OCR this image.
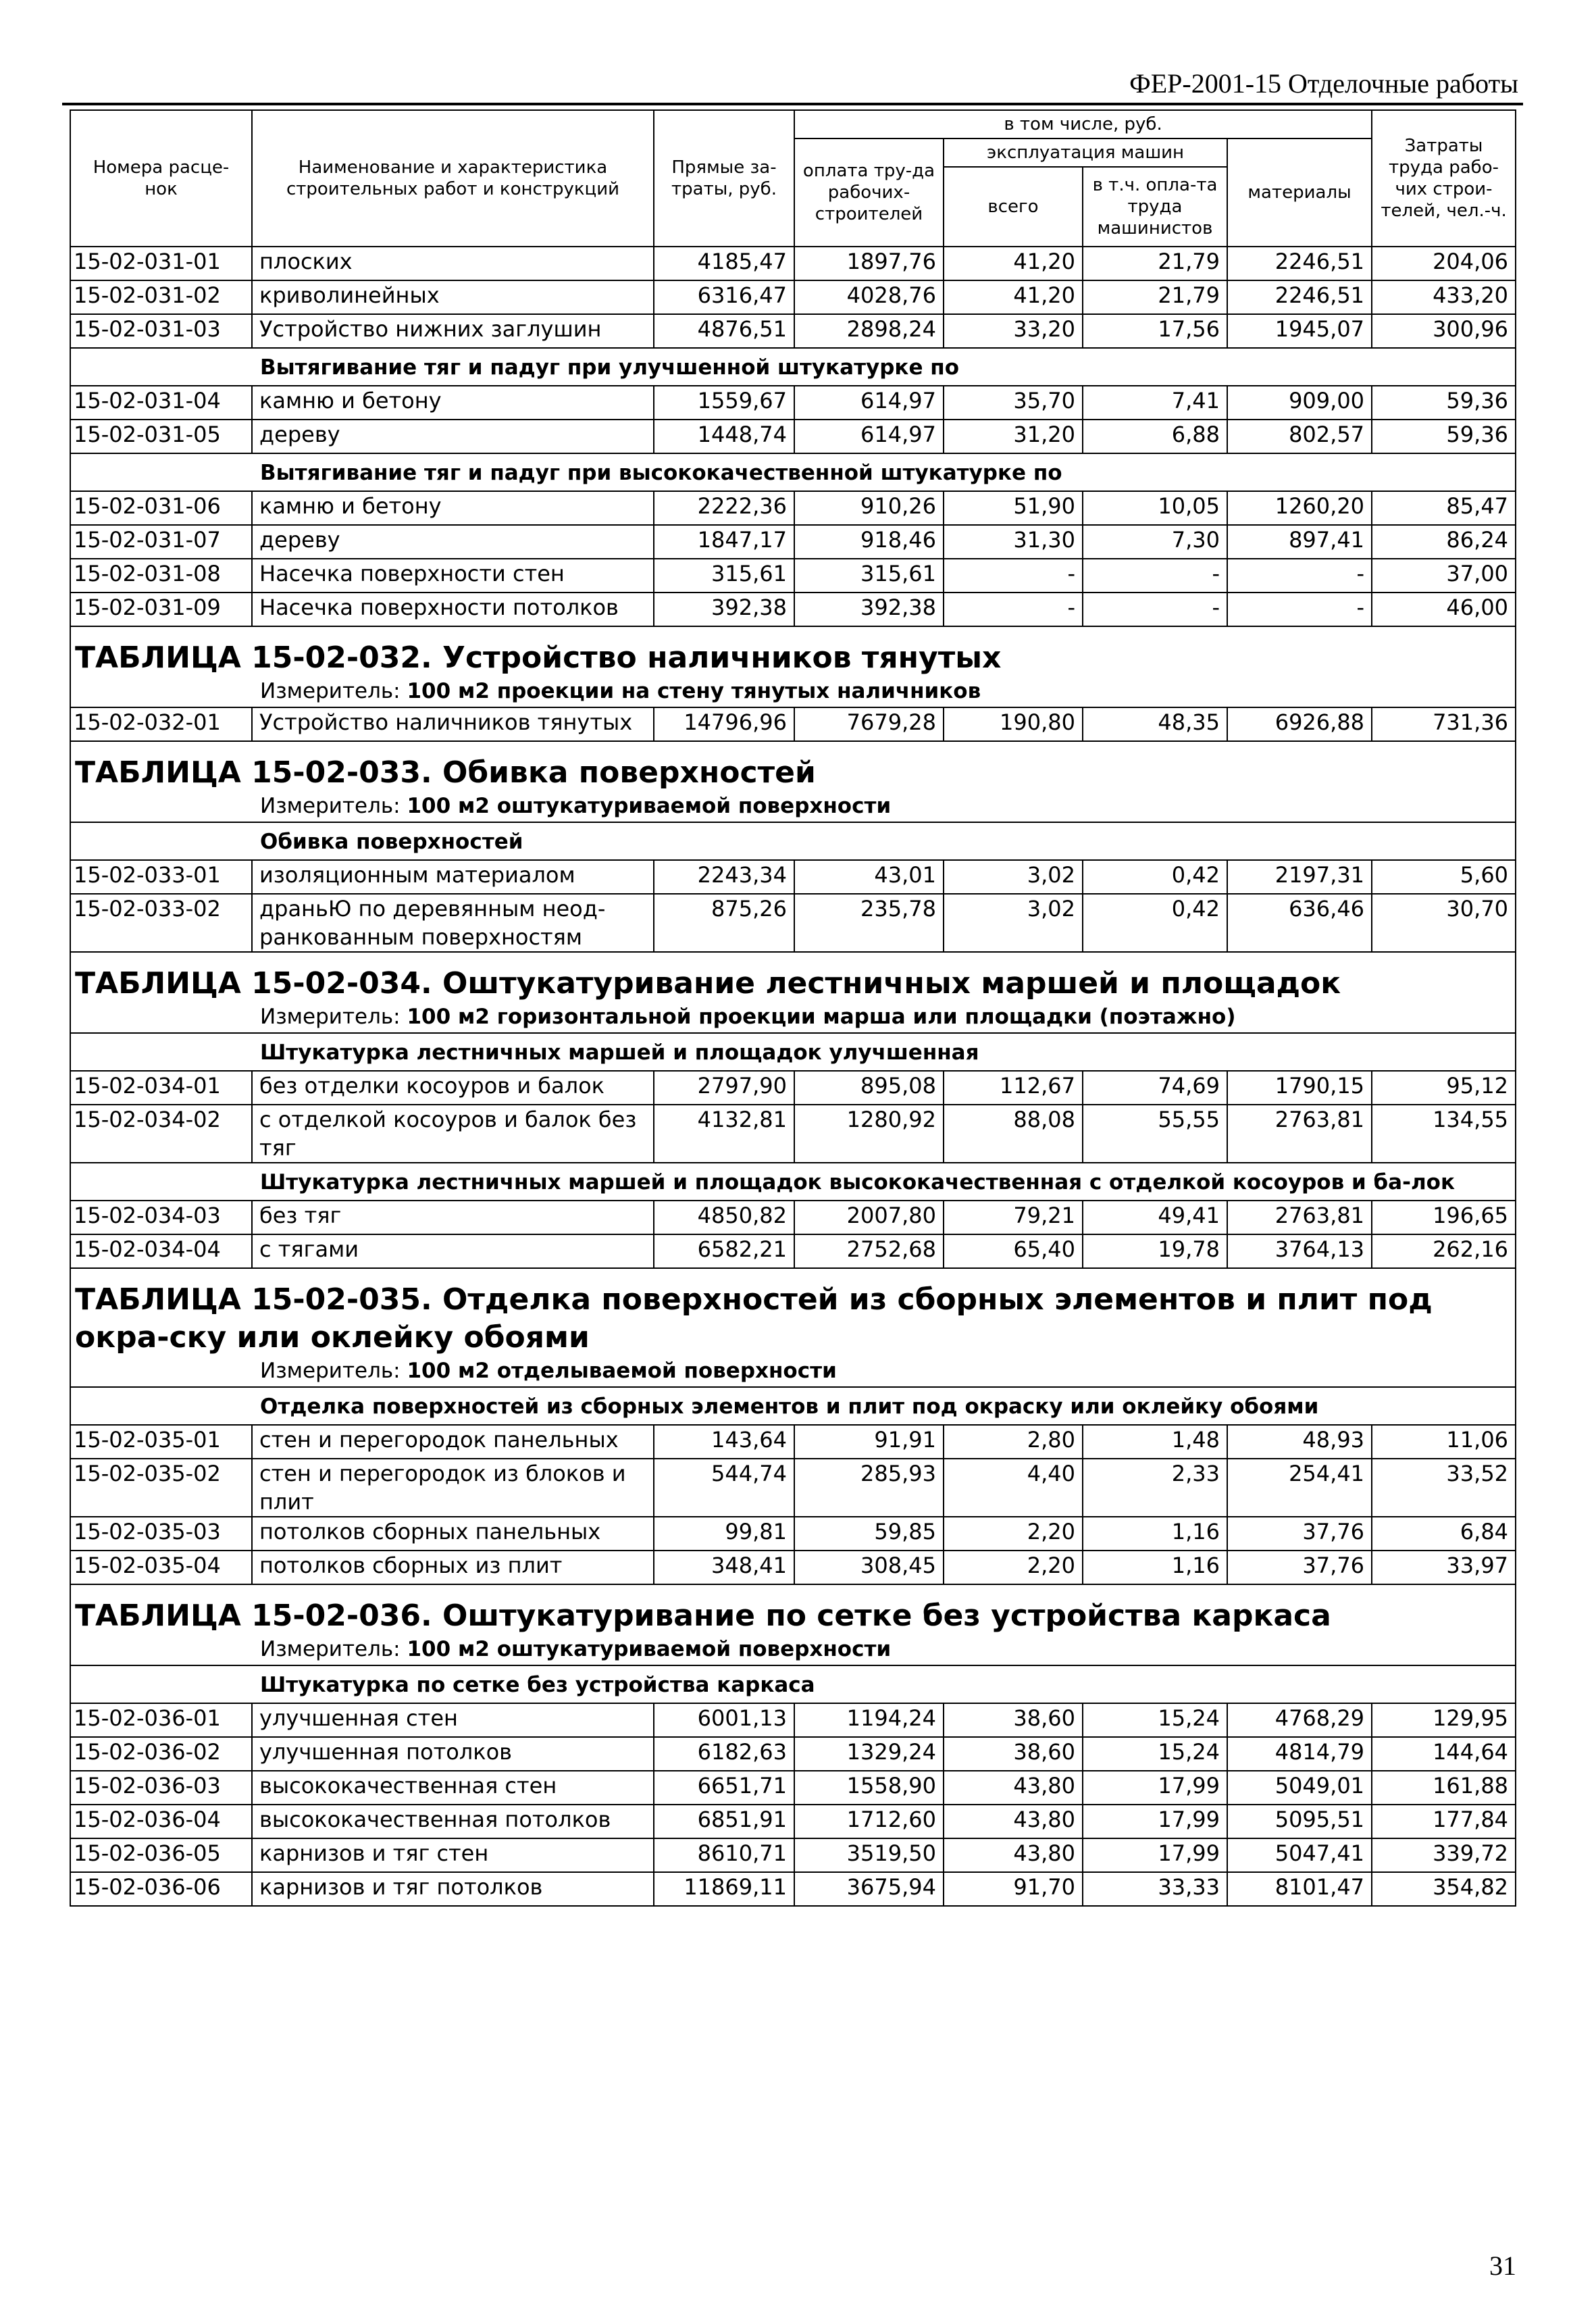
ФЕР-2001-15 Отделочные работы
Номера расце-нок	Наименование и характеристика строительных работ и конструкций	Прямые за-траты, руб.	в том числе, руб.				Затраты труда рабо-чих строи-телей, чел.-ч.
			оплата тру-да рабочих-строителей	эксплуатация машин		материалы	
				всего	в т.ч. опла-та труда машинистов		
15-02-031-01	плоских	4185,47	1897,76	41,20	21,79	2246,51	204,06
15-02-031-02	криволинейных	6316,47	4028,76	41,20	21,79	2246,51	433,20
15-02-031-03	Устройство нижних заглушин	4876,51	2898,24	33,20	17,56	1945,07	300,96
Вытягивание тяг и падуг при улучшенной штукатурке по							
15-02-031-04	камню и бетону	1559,67	614,97	35,70	7,41	909,00	59,36
15-02-031-05	дереву	1448,74	614,97	31,20	6,88	802,57	59,36
Вытягивание тяг и падуг при высококачественной штукатурке по							
15-02-031-06	камню и бетону	2222,36	910,26	51,90	10,05	1260,20	85,47
15-02-031-07	дереву	1847,17	918,46	31,30	7,30	897,41	86,24
15-02-031-08	Насечка поверхности стен	315,61	315,61	-	-	-	37,00
15-02-031-09	Насечка поверхности потолков	392,38	392,38	-	-	-	46,00
ТАБЛИЦА 15-02-032. Устройство наличников тянутых							
Измеритель: 100 м2 проекции на стену тянутых наличников							
15-02-032-01	Устройство наличников тянутых	14796,96	7679,28	190,80	48,35	6926,88	731,36
ТАБЛИЦА 15-02-033. Обивка поверхностей							
Измеритель: 100 м2 оштукатуриваемой поверхности							
Обивка поверхностей							
15-02-033-01	изоляционным материалом	2243,34	43,01	3,02	0,42	2197,31	5,60
15-02-033-02	драньЮ по деревянным неод-ранкованным поверхностям	875,26	235,78	3,02	0,42	636,46	30,70
ТАБЛИЦА 15-02-034. Оштукатуривание лестничных маршей и площадок							
Измеритель: 100 м2 горизонтальной проекции марша или площадки (поэтажно)							
Штукатурка лестничных маршей и площадок улучшенная							
15-02-034-01	без отделки косоуров и балок	2797,90	895,08	112,67	74,69	1790,15	95,12
15-02-034-02	с отделкой косоуров и балок без тяг	4132,81	1280,92	88,08	55,55	2763,81	134,55
Штукатурка лестничных маршей и площадок высококачественная с отделкой косоуров и ба-лок							
15-02-034-03	без тяг	4850,82	2007,80	79,21	49,41	2763,81	196,65
15-02-034-04	с тягами	6582,21	2752,68	65,40	19,78	3764,13	262,16
ТАБЛИЦА 15-02-035. Отделка поверхностей из сборных элементов и плит под окра-ску или оклейку обоями							
Измеритель: 100 м2 отделываемой поверхности							
Отделка поверхностей из сборных элементов и плит под окраску или оклейку обоями							
15-02-035-01	стен и перегородок панельных	143,64	91,91	2,80	1,48	48,93	11,06
15-02-035-02	стен и перегородок из блоков и плит	544,74	285,93	4,40	2,33	254,41	33,52
15-02-035-03	потолков сборных панельных	99,81	59,85	2,20	1,16	37,76	6,84
15-02-035-04	потолков сборных из плит	348,41	308,45	2,20	1,16	37,76	33,97
ТАБЛИЦА 15-02-036. Оштукатуривание по сетке без устройства каркаса							
Измеритель: 100 м2 оштукатуриваемой поверхности							
Штукатурка по сетке без устройства каркаса							
15-02-036-01	улучшенная стен	6001,13	1194,24	38,60	15,24	4768,29	129,95
15-02-036-02	улучшенная потолков	6182,63	1329,24	38,60	15,24	4814,79	144,64
15-02-036-03	высококачественная стен	6651,71	1558,90	43,80	17,99	5049,01	161,88
15-02-036-04	высококачественная потолков	6851,91	1712,60	43,80	17,99	5095,51	177,84
15-02-036-05	карнизов и тяг стен	8610,71	3519,50	43,80	17,99	5047,41	339,72
15-02-036-06	карнизов и тяг потолков	11869,11	3675,94	91,70	33,33	8101,47	354,82
31
